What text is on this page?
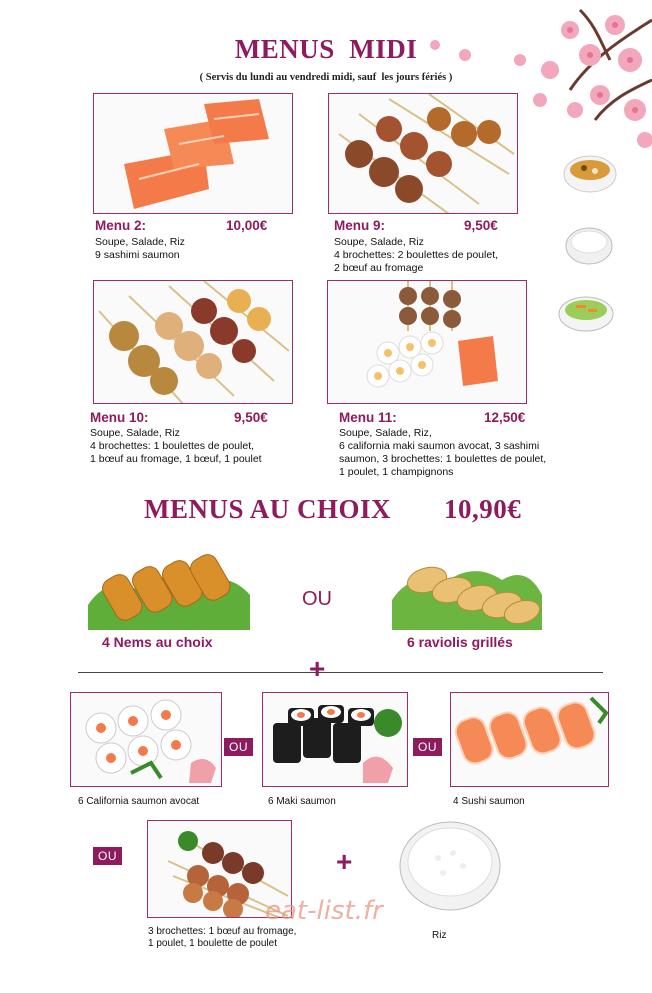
MENUS  MIDI
( Servis du lundi au vendredi midi, sauf  les jours fériés )
Menu 2:	10,00€
Soupe, Salade, Riz
9 sashimi saumon
Menu 9:	9,50€
Soupe, Salade, Riz
4 brochettes: 2 boulettes de poulet,
2 bœuf au fromage
Menu 10:	9,50€
Soupe, Salade, Riz
4 brochettes: 1 boulettes de poulet,
1 bœuf au fromage, 1 bœuf, 1 poulet
Menu 11:	12,50€
Soupe, Salade, Riz,
6 california maki saumon avocat, 3 sashimi
saumon, 3 brochettes: 1 boulettes de poulet,
1 poulet, 1 champignons
MENUS AU CHOIX 10,90€
OU
4 Nems au choix	6 raviolis grillés
+
OU	OU
6 California saumon avocat	6 Maki saumon	4 Sushi saumon
OU	+
3 brochettes: 1 bœuf au fromage,
1 poulet, 1 boulette de poulet
Riz
eat-list.fr
